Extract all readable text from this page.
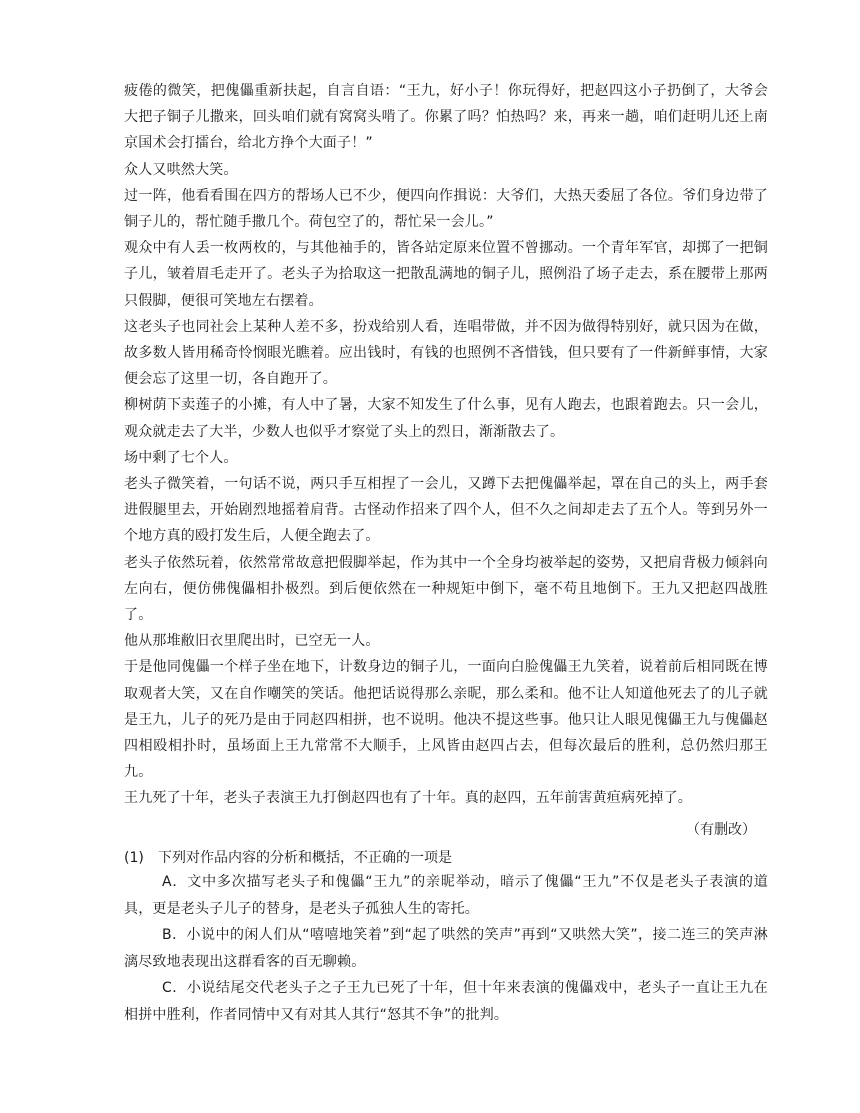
疲倦的微笑，把傀儡重新扶起，自言自语：“王九，好小子！你玩得好，把赵四这小子扔倒了，大爷会大把子铜子儿撒来，回头咱们就有窝窝头啃了。你累了吗？怕热吗？来，再来一趟，咱们赶明儿还上南京国术会打擂台，给北方挣个大面子！”

众人又哄然大笑。

过一阵，他看看围在四方的帮场人已不少，便四向作揖说：大爷们，大热天委屈了各位。爷们身边带了铜子儿的，帮忙随手撒几个。荷包空了的，帮忙呆一会儿。”

观众中有人丢一枚两枚的，与其他袖手的，皆各站定原来位置不曾挪动。一个青年军官，却掷了一把铜子儿，皱着眉毛走开了。老头子为拾取这一把散乱满地的铜子儿，照例沿了场子走去，系在腰带上那两只假脚，便很可笑地左右摆着。

这老头子也同社会上某种人差不多，扮戏给别人看，连唱带做，并不因为做得特别好，就只因为在做，故多数人皆用稀奇怜悯眼光瞧着。应出钱时，有钱的也照例不吝惜钱，但只要有了一件新鲜事情，大家便会忘了这里一切，各自跑开了。

柳树荫下卖莲子的小摊，有人中了暑，大家不知发生了什么事，见有人跑去，也跟着跑去。只一会儿，观众就走去了大半，少数人也似乎才察觉了头上的烈日，渐渐散去了。

场中剩了七个人。

老头子微笑着，一句话不说，两只手互相捏了一会儿，又蹲下去把傀儡举起，罩在自己的头上，两手套进假腿里去，开始剧烈地摇着肩背。古怪动作招来了四个人，但不久之间却走去了五个人。等到另外一个地方真的殴打发生后，人便全跑去了。

老头子依然玩着，依然常常故意把假脚举起，作为其中一个全身均被举起的姿势，又把肩背极力倾斜向左向右，便仿佛傀儡相扑极烈。到后便依然在一种规矩中倒下，毫不苟且地倒下。王九又把赵四战胜了。

他从那堆敝旧衣里爬出时，已空无一人。

于是他同傀儡一个样子坐在地下，计数身边的铜子儿，一面向白脸傀儡王九笑着，说着前后相同既在博取观者大笑，又在自作嘲笑的笑话。他把话说得那么亲昵，那么柔和。他不让人知道他死去了的儿子就是王九，儿子的死乃是由于同赵四相拼，也不说明。他决不提这些事。他只让人眼见傀儡王九与傀儡赵四相殴相扑时，虽场面上王九常常不大顺手，上风皆由赵四占去，但每次最后的胜利，总仍然归那王九。

王九死了十年，老头子表演王九打倒赵四也有了十年。真的赵四，五年前害黄疸病死掉了。

（有删改）
(1) 下列对作品内容的分析和概括，不正确的一项是

A．文中多次描写老头子和傀儡“王九”的亲昵举动，暗示了傀儡“王九”不仅是老头子表演的道具，更是老头子儿子的替身，是老头子孤独人生的寄托。

B．小说中的闲人们从“嘻嘻地笑着”到“起了哄然的笑声”再到“又哄然大笑”，接二连三的笑声淋漓尽致地表现出这群看客的百无聊赖。

C．小说结尾交代老头子之子王九已死了十年，但十年来表演的傀儡戏中，老头子一直让王九在相拼中胜利，作者同情中又有对其人其行“怒其不争”的批判。
